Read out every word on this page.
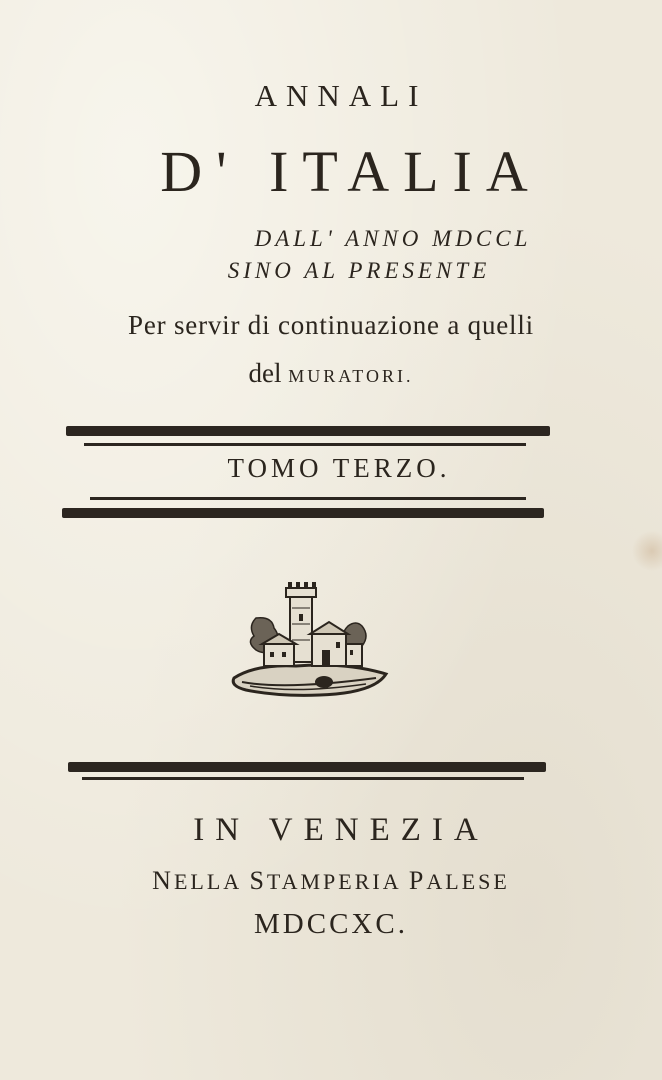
ANNALI
D' ITALIA
DALL' ANNO MDCCL
SINO AL PRESENTE
Per servir di continuazione a quelli
del MURATORI.
TOMO TERZO.
IN VENEZIA
NELLA STAMPERIA PALESE
MDCCXC.
